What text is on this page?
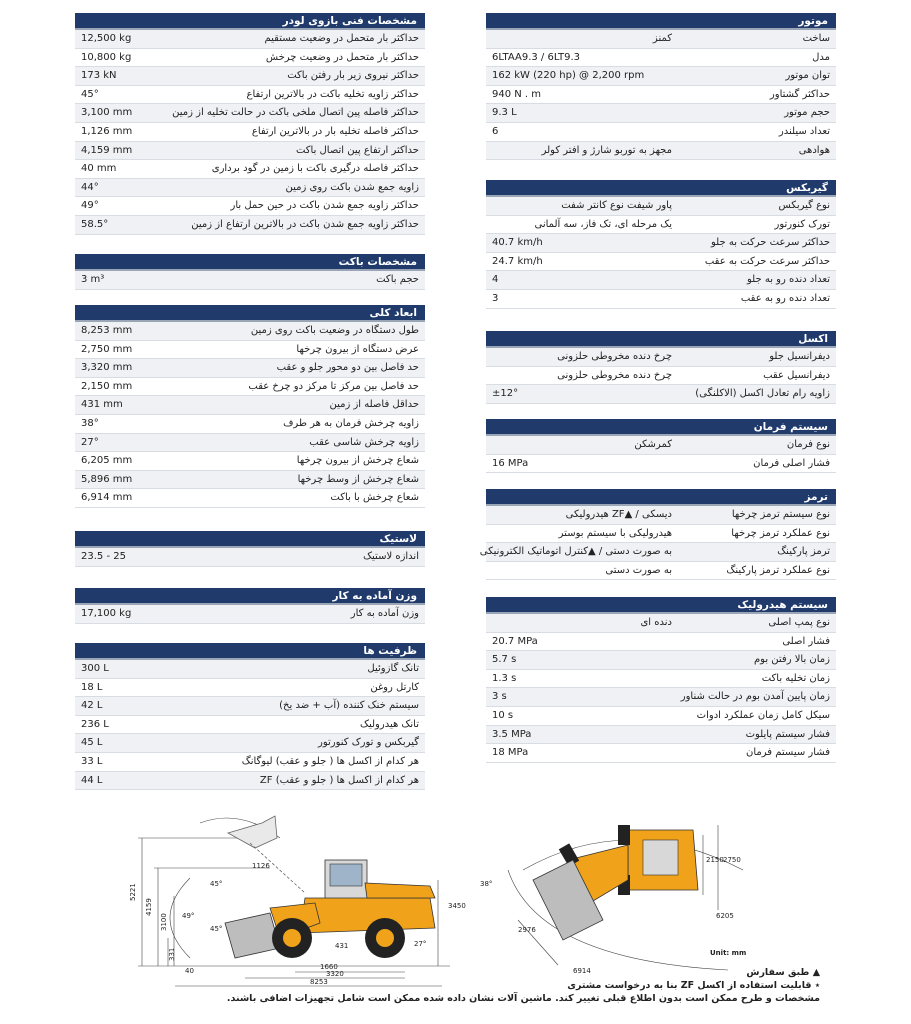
مشخصات فنی بازوی لودر
حداکثر بار متحمل در وضعیت مستقیم
12,500 kg
حداکثر بار متحمل در وضعیت چرخش
10,800 kg
حداکثر نیروی زیر بار رفتن باکت
173 kN
حداکثر زاویه تخلیه باکت در بالاترین ارتفاع
45°
حداکثر فاصله پین اتصال ملخی باکت در حالت تخلیه از زمین
3,100 mm
حداکثر فاصله تخلیه بار در بالاترین ارتفاع
1,126 mm
حداکثر ارتفاع پین اتصال باکت
4,159 mm
حداکثر فاصله درگیری باکت با زمین در گود برداری
40 mm
زاویه جمع شدن باکت روی زمین
44°
حداکثر زاویه جمع شدن باکت در حین حمل بار
49°
حداکثر زاویه جمع شدن باکت در بالاترین ارتفاع از زمین
58.5°
مشخصات باکت
حجم باکت
3 m³
ابعاد کلی
طول دستگاه در وضعیت باکت روی زمین
8,253 mm
عرض دستگاه از بیرون چرخها
2,750 mm
حد فاصل بین دو محور جلو و عقب
3,320 mm
حد فاصل بین مرکز تا مرکز دو چرخ عقب
2,150 mm
حداقل فاصله از زمین
431 mm
زاویه چرخش فرمان به هر طرف
38°
زاویه چرخش شاسی عقب
27°
شعاع چرخش از بیرون چرخها
6,205 mm
شعاع چرخش از وسط چرخها
5,896 mm
شعاع چرخش با باکت
6,914 mm
لاستیک
اندازه لاستیک
23.5 - 25
وزن آماده به کار
وزن آماده به کار
17,100 kg
ظرفیت ها
تانک گازوئیل
300 L
کارتل روغن
18 L
سیستم خنک کننده (آب + ضد یخ)
42 L
تانک هیدرولیک
236 L
گیربکس و تورک کنورتور
45 L
هر کدام از اکسل ها ( جلو و عقب) لیوگانگ
33 L
هر کدام از اکسل ها ( جلو و عقب) ZF
44 L
موتور
ساخت
کمنز
مدل
6LTAA9.3 / 6LT9.3
توان موتور
162 kW (220 hp) @ 2,200 rpm
حداکثر گشتاور
940 N . m
حجم موتور
9.3 L
تعداد سیلندر
6
هوادهی
مجهز به توربو شارژ و افتر کولر
گیربکس
نوع گیربکس
پاور شیفت نوع کانتر شفت
تورک کنورتور
یک مرحله ای، تک فاز، سه آلمانی
حداکثر سرعت حرکت به جلو
40.7 km/h
حداکثر سرعت حرکت به عقب
24.7 km/h
تعداد دنده رو به جلو
4
تعداد دنده رو به عقب
3
اکسل
دیفرانسیل جلو
چرخ دنده مخروطی حلزونی
دیفرانسیل عقب
چرخ دنده مخروطی حلزونی
زاویه رام تعادل اکسل (الاکلنگی)
±12°
سیستم فرمان
نوع فرمان
کمرشکن
فشار اصلی فرمان
16 MPa
ترمز
نوع سیستم ترمز چرخها
دیسکی / ▲ZF هیدرولیکی
نوع عملکرد ترمز چرخها
هیدرولیکی با سیستم بوستر
ترمز پارکینگ
به صورت دستی / ▲کنترل اتوماتیک الکترونیکی
نوع عملکرد ترمز پارکینگ
به صورت دستی
سیستم هیدرولیک
نوع پمپ اصلی
دنده ای
فشار اصلی
20.7 MPa
زمان بالا رفتن بوم
5.7 s
زمان تخلیه باکت
1.3 s
زمان پایین آمدن بوم در حالت شناور
3 s
سیکل کامل زمان عملکرد ادوات
10 s
فشار سیستم پایلوت
3.5 MPa
فشار سیستم فرمان
18 MPa
5221
4159
3100
1126
45°
49°
45°
331
40
431
1660
3320
8253
3450
27°
38°
2150 2750
6205
2976
6914
Unit: mm
▲ طبق سفارش
٭ قابلیت استفاده از اکسل ZF بنا به درخواست مشتری
مشخصات و طرح ممکن است بدون اطلاع قبلی تغییر کند. ماشین آلات نشان داده شده ممکن است شامل تجهیزات اضافی باشند.
